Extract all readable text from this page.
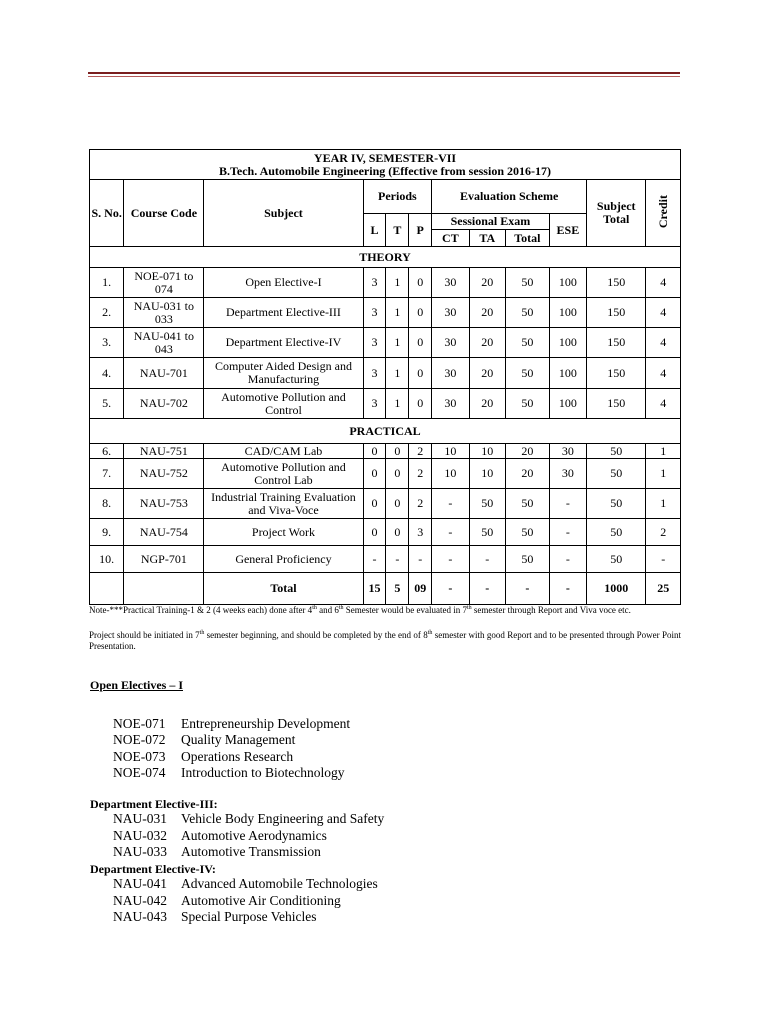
YEAR IV, SEMESTER-VII
B.Tech. Automobile Engineering (Effective from session 2016-17)											

S. No.	Course Code	Subject	Periods			Evaluation Scheme				Subject Total	Credit
			L	T	P	Sessional Exam			ESE		
						CT	TA	Total			
THEORY											
1.	NOE-071 to 074	Open Elective-I	3	1	0	30	20	50	100	150	4
2.	NAU-031 to 033	Department Elective-III	3	1	0	30	20	50	100	150	4
3.	NAU-041 to 043	Department Elective-IV	3	1	0	30	20	50	100	150	4
4.	NAU-701	Computer Aided Design and Manufacturing	3	1	0	30	20	50	100	150	4
5.	NAU-702	Automotive Pollution and Control	3	1	0	30	20	50	100	150	4
PRACTICAL											
6.	NAU-751	CAD/CAM Lab	0	0	2	10	10	20	30	50	1
7.	NAU-752	Automotive Pollution and Control Lab	0	0	2	10	10	20	30	50	1
8.	NAU-753	Industrial Training Evaluation and Viva-Voce	0	0	2	-	50	50	-	50	1
9.	NAU-754	Project Work	0	0	3	-	50	50	-	50	2
10.	NGP-701	General Proficiency	-	-	-	-	-	50	-	50	-
		Total	15	5	09	-	-	-	-	1000	25
Note-***Practical Training-1 & 2 (4 weeks each) done after 4th and 6th Semester would be evaluated in 7th semester through Report and Viva voce etc.
Project should be initiated in 7th semester beginning, and should be completed by the end of 8th semester with good Report and to be presented through Power Point Presentation.
Open Electives – I
NOE-071 Entrepreneurship Development
NOE-072 Quality Management
NOE-073 Operations Research
NOE-074 Introduction to Biotechnology
Department Elective-III:
NAU-031 Vehicle Body Engineering and Safety
NAU-032 Automotive Aerodynamics
NAU-033 Automotive Transmission
Department Elective-IV:
NAU-041 Advanced Automobile Technologies
NAU-042 Automotive Air Conditioning
NAU-043 Special Purpose Vehicles
